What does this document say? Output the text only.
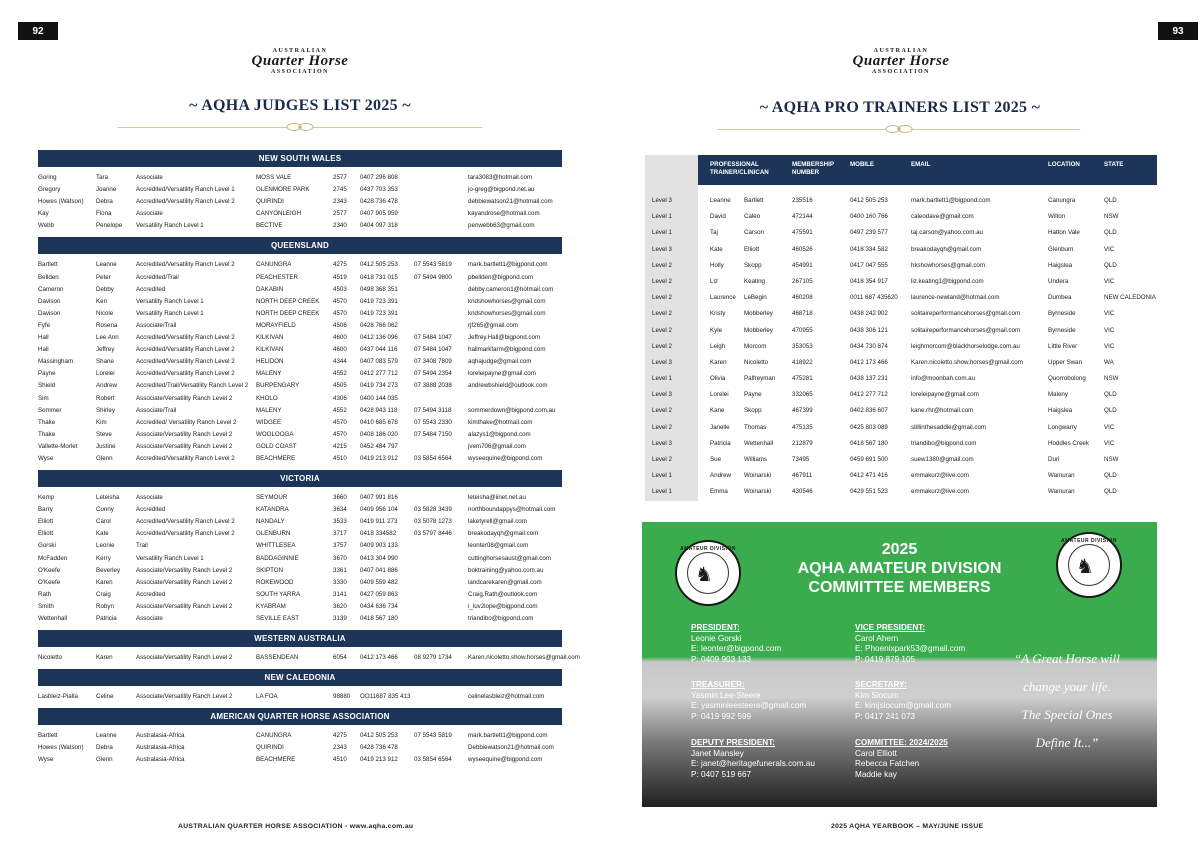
92	93
AUSTRALIAN
Quarter Horse
ASSOCIATION
AUSTRALIAN
Quarter Horse
ASSOCIATION
~ AQHA JUDGES LIST 2025 ~	~ AQHA PRO TRAINERS LIST 2025 ~
NEW SOUTH WALES
Goring	Tara	Associate	MOSS VALE	2577 0407 296 808	tara3083@hotmail.com
Gregory	Joanne	Accredited/Versatility Ranch Level 1	GLENMORE PARK	2745 0437 703 353	jo-greg@bigpond.net.au
Howes (Watson) Debra	Accredited/Versatility Ranch Level 2	QUIRINDI	2343 0428 736 478	debbiewatson21@hotmail.com
Kay	Fiona	Associate	CANYONLEIGH	2577 0407 905 959	kayandrose@hotmail.com
Webb	Penelope Versatility Ranch Level 1	BECTIVE	2340 0404 097 318	penwebb63@gmail.com
QUEENSLAND
Bartlett	Leanne	Accredited/Versatility Ranch Level 2	CANUNGRA	4275 0412 505 253	07 5543 5819	mark.bartlett1@bigpond.com
Bellden	Peter	Accredited/Trail	PEACHESTER	4519 0418 731 015	07 5494 9800	pbellden@bigpond.com
Cameron	Debby	Accredited	DAKABIN	4503 0498 368 351	debby.cameron1@hotmail.com
Davison	Ken	Versatility Ranch Level 1	NORTH DEEP CREEK 4570 0419 723 391	kndshowhorses@gmail.com
Davison	Nicole	Versatility Ranch Level 1	NORTH DEEP CREEK 4570 0419 723 391	kndshowhorses@gmail.com
Fyfe	Rosena	Associate/Trail	MORAYFIELD	4506 0428 766 062	rjf265@gmail.com
Hall	Lee Ann	Accredited/Versatility Ranch Level 2	KILKIVAN	4600 0412 136 096	07 5484 1047	Jeffrey.Hall@bigpond.com
Hall	Jeffrey	Accredited/Versatility Ranch Level 2	KILKIVAN	4600 0437 044 116	07 5484 1047	hallmarkfarm@bigpond.com
Massingham	Shane	Accredited/Versatility Ranch Level 2	HELIDON	4344 0407 083 579	07 3408 7809	aqhajudge@gmail.com
Payne	Lorelei	Accredited/Versatility Ranch Level 2	MALENY	4552 0412 277 712	07 5494 2354	loreleipayne@gmail.com
Shield	Andrew	Accredited/Trail/Versatility Ranch Level 2 BURPENGARY	4505 0419 734 273	07 3888 2038	andrewbshield@outlook.com
Sim	Robert	Associate/Versatility Ranch Level 2	KHOLO	4306 0400 144 035
Sommer	Shirley	Associate/Trail	MALENY	4552 0428 943 118	07 5494 3118	sommerdown@bigpond.com.au
Thake	Kim	Accredited/ Versatility Ranch Level 2	WIDGEE	4570 0410 685 678	07 5543 2330	kimthake@hotmail.com
Thake	Steve	Associate/Versatility Ranch Level 2	WOOLOOGA	4570 0408 186 020	07 5484 7150	alazys1@bigpond.com
Vallette-Morlet	Justine	Associate/Versatility Ranch Level 2	GOLD COAST	4215 0452 484 797	jvem706@gmail.com
Wyse	Glenn	Accredited/Versatility Ranch Level 2	BEACHMERE	4510 0419 213 912	03 5854 6564	wyseequine@bigpond.com
VICTORIA
Kemp	Leteisha	Associate	SEYMOUR	3660 0407 991 816	leteisha@iinet.net.au
Barry	Conny	Accredited	KATANDRA	3634 0409 956 104	03 5828 3439	northboundappys@hotmail.com
Elliott	Carol	Accredited/Versatility Ranch Level 2	NANDALY	3533 0419 911 273	03 5078 1273	laketyrell@gmail.com
Elliott	Kate	Accredited/Versatility Ranch Level 2	GLENBURN	3717 0418 334582	03 5797 8446	breakodayqh@gmail.com
Gorski	Leonie	Trail	WHITTLESEA	3757 0409 903 133	leonter08@gmail.com
McFadden	Kerry	Versatility Ranch Level 1	BADDAGINNIE	3670 0413 304 990	cuttinghorsesaust@gmail.com
O'Keefe	Beverley	Associate/Versatility Ranch Level 2	SKIPTON	3361 0407 041 886	boktraining@yahoo.com.au
O'Keefe	Karen	Associate/Versatility Ranch Level 2	ROKEWOOD	3330 0409 559 482	landcarekaren@gmail.com
Rath	Craig	Accredited	SOUTH YARRA	3141 0427 059 863	Craig.Rath@outlook.com
Smith	Robyn	Associate/Versatility Ranch Level 2	KYABRAM	3620 0434 636 734	i_luv2lope@bigpond.com
Wettenhall	Patricia	Associate	SEVILLE EAST	3139 0418 567 180	triandibo@bigpond.com
WESTERN AUSTRALIA
Nicoletto	Karen	Associate/Versatility Ranch Level 2	BASSENDEAN	6054 0412 173 466	08 9279 1734	Karen.nicoletto.show.horses@gmail.com
NEW CALEDONIA
Lasbleiz-Pialla	Celine	Associate/Versatility Ranch Level 2	LA FOA	98880 OO11687 835 413	celinelasbleiz@hotmail.com
AMERICAN QUARTER HORSE ASSOCIATION
Bartlett	Leanne	Australasia-Africa	CANUNGRA	4275 0412 505 253	07 5543 5819	mark.bartlett1@bigpond.com
Howes (Watson) Debra	Australasia-Africa	QUIRINDI	2343 0428 736 478	Debbiewatson21@hotmail.com
Wyse	Glenn	Australasia-Africa	BEACHMERE	4510 0419 213 912	03 5854 6564	wyseequine@bigpond.com
PROFESSIONAL TRAINER/CLINICAN
MEMBERSHIP NUMBER
MOBILE	EMAIL	LOCATION	STATE
Level 3	Leanne Bartlett	235516	0412 505 253	mark.bartlett1@bigpond.com	Canungra	QLD
Level 1	David	Caleo	472144	0400 160 766	caleodave@gmail.com	Wilton	NSW
Level 1	Taj	Carson	475591	0497 239 577	taj.carson@yahoo.com.au	Hatton Vale	QLD
Level 3	Kate	Elliott	460526	0418 334 582	breakodayqh@gmail.com	Glenburn	VIC
Level 2	Holly	Skopp	454991	0417 047 555	hkshowhorses@gmail.com	Haigslea	QLD
Level 2	Liz	Keating	267105	0418 354 917	liz.keating1@bigpond.com	Undera	VIC
Level 2	Laurence LeBegin	460208	0011 687 435620 laurence-newland@hotmail.com	Dumbea	NEW CALEDONIA
Level 2	Kristy	Mobberley	468718	0438 242 902	solitaireperformancehorses@gmail.com	Byrneside	VIC
Level 2	Kyle	Mobberley	470955	0438 306 121	solitaireperformancehorses@gmail.com	Byrneside	VIC
Level 2	Leigh	Morcom	353053	0434 730 874	leighmorcom@blackhorselodge.com.au	Little River	VIC
Level 3	Karen	Nicoletto	418922	0412 173 466	Karen.nicoletto.show.horses@gmail.com	Upper Swan	WA
Level 1	Olivia	Palfreyman	475281	0438 137 231	info@moonbah.com.au	Quorrobolong	NSW
Level 3	Lorelei Payne	332065	0412 277 712	loreleipayne@gmail.com	Maleny	QLD
Level 2	Kane	Skopp	467399	0402 836 607	kane.rhr@hotmail.com	Haigslea	QLD
Level 2	Janelle Thomas	475135	0425 803 089	stillinthesaddle@gmail.com	Longwarry	VIC
Level 3	Patricia Wettenhall	212879	0418 567 180	triandibo@bigpond.com	Hoddles Creek VIC
Level 2	Sue	Williams	73495	0459 691 500	suew1380@gmail.com	Duri	NSW
Level 1	Andrew Woinarski	467911	0412 471 416	emmakurz@live.com	Wamuran	QLD
Level 1	Emma	Woinarski	430546	0429 551 523	emmakurz@live.com	Wamuran	QLD
2025
AQHA AMATEUR DIVISION
COMMITTEE MEMBERS
AMATEUR DIVISION
♞
AMATEUR DIVISION
♞
PRESIDENT:
Leonie Gorski
E: leonter@bigpond.com
P: 0409 903 133
VICE PRESIDENT:
Carol Ahern
E: Phoenixpark53@gmail.com
P: 0419 879 105
TREASURER:
Yasmin Lee-Steere
E: yasminleesteere@gmail.com
P: 0419 992 599
SECRETARY:
Kim Slocum
E: kimjslocum@gmail.com
P: 0417 241 073
DEPUTY PRESIDENT:
Janet Mansley
E: janet@heritagefunerals.com.au
P: 0407 519 667
COMMITTEE: 2024/2025
Carol Elliott
Rebecca Fatchen
Maddie kay
“A Great Horse will
change your life.
The Special Ones
Define It...”
AUSTRALIAN QUARTER HORSE ASSOCIATION - www.aqha.com.au	2025 AQHA YEARBOOK – MAY/JUNE ISSUE
